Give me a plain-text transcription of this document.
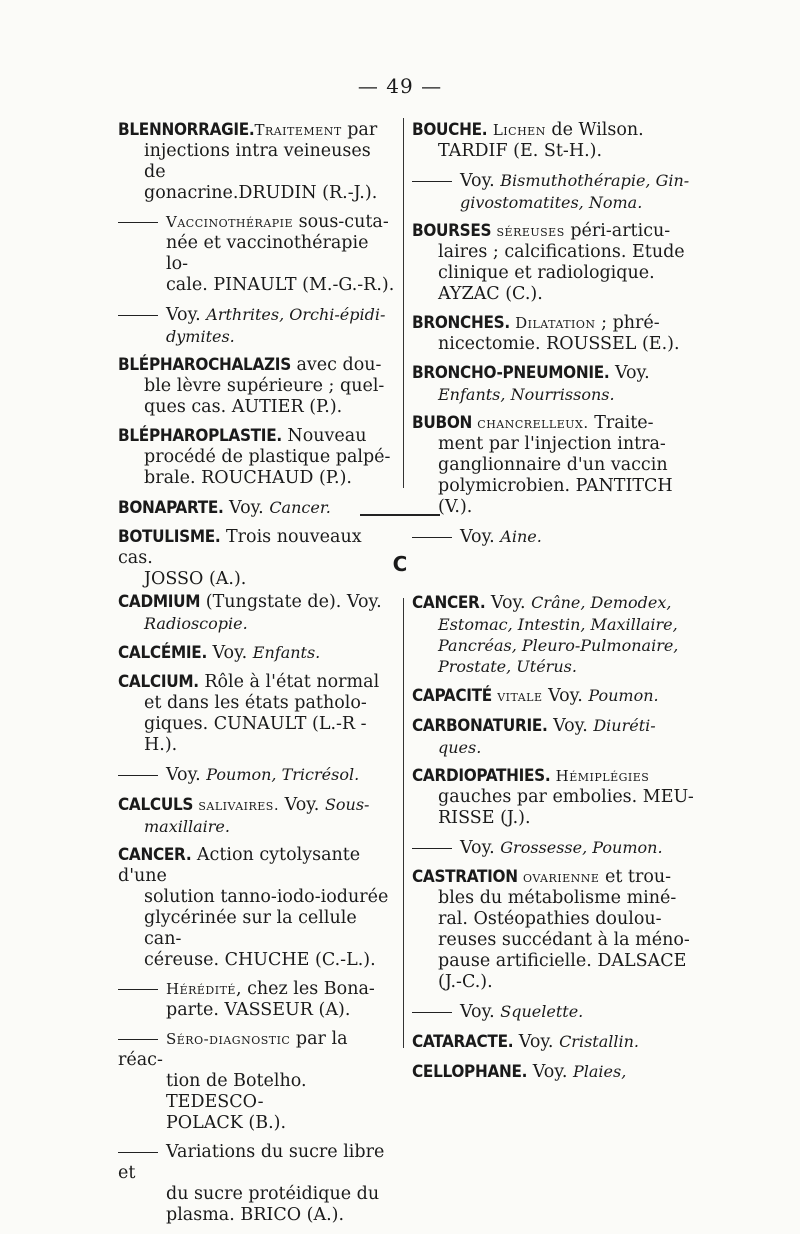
— 49 —
C
BLENNORRAGIE.Traitement par
injections intra veineuses de
gonacrine.DRUDIN (R.-J.).
Vaccinothérapie sous-cuta-
née et vaccinothérapie lo-
cale. PINAULT (M.-G.-R.).
Voy. Arthrites, Orchi-épidi-
dymites.
BLÉPHAROCHALAZIS avec dou-
ble lèvre supérieure ; quel-
ques cas. AUTIER (P.).
BLÉPHAROPLASTIE. Nouveau
procédé de plastique palpé-
brale. ROUCHAUD (P.).
BONAPARTE. Voy. Cancer.
BOTULISME. Trois nouveaux cas.
JOSSO (A.).
BOUCHE. Lichen de Wilson.
TARDIF (E. St-H.).
Voy. Bismuthothérapie, Gin-
givostomatites, Noma.
BOURSES séreuses péri-articu-
laires ; calcifications. Etude
clinique et radiologique.
AYZAC (C.).
BRONCHES. Dilatation ; phré-
nicectomie. ROUSSEL (E.).
BRONCHO-PNEUMONIE. Voy.
Enfants, Nourrissons.
BUBON chancrelleux. Traite-
ment par l'injection intra-
ganglionnaire d'un vaccin
polymicrobien. PANTITCH
(V.).
Voy. Aine.
CADMIUM (Tungstate de). Voy.
Radioscopie.
CALCÉMIE. Voy. Enfants.
CALCIUM. Rôle à l'état normal
et dans les états patholo-
giques. CUNAULT (L.-R -
H.).
Voy. Poumon, Tricrésol.
CALCULS salivaires. Voy. Sous-
maxillaire.
CANCER. Action cytolysante d'une
solution tanno-iodo-iodurée
glycérinée sur la cellule can-
céreuse. CHUCHE (C.-L.).
Hérédité, chez les Bona-
parte. VASSEUR (A).
Séro-diagnostic par la réac-
tion de Botelho. TEDESCO-
POLACK (B.).
Variations du sucre libre et
du sucre protéidique du
plasma. BRICO (A.).
CANCER. Voy. Crâne, Demodex,
Estomac, Intestin, Maxillaire,
Pancréas, Pleuro-Pulmonaire,
Prostate, Utérus.
CAPACITÉ vitale Voy. Poumon.
CARBONATURIE. Voy. Diuréti-
ques.
CARDIOPATHIES. Hémiplégies
gauches par embolies. MEU-
RISSE (J.).
Voy. Grossesse, Poumon.
CASTRATION ovarienne et trou-
bles du métabolisme miné-
ral. Ostéopathies doulou-
reuses succédant à la méno-
pause artificielle. DALSACE
(J.-C.).
Voy. Squelette.
CATARACTE. Voy. Cristallin.
CELLOPHANE. Voy. Plaies,
